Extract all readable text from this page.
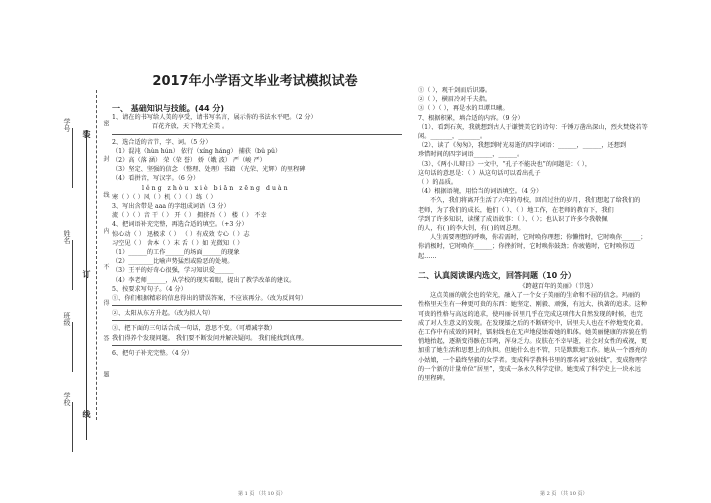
学号
姓名
班级
学校
装
订
线
密 封 线 内 不 得 答 题
2017年小学语文毕业考试模拟试卷
一、 基础知识与技能。(44 分)
1、请在的书写给人美的享受，请书写名言，展示你的书法水平吧。（2 分）
百花齐放，天下物无全美 。
2、选合适的音节，字、词。（5 分）
（1）混沌（hùn hún） 依行（xíng háng） 捕获（bǔ pǔ）
（2）高（落 涵） 荣（荣 誉） 娇（娥 波） 严（峻 严）
（3）坚定、坚强的信念 （整理、处理）书籍 （光荣、光辉）的里程碑
（4）看拼音，写汉字。（6 分）
lěng zhòu xiè biān zēng duàn
寒（ ）（ ）风（ ）机（ ）（ ）练（ ）
3、写出含带是 aaa 的字组成词语（3 分）
流（ ）（ ）音 干（ ） 开（ ） 拥挤吾（ ） 楼（ ） 不幸
4、把词语补充完整，再选合适的填空。（+3 分）
惊心动（ ） 迅极求（ ） （ ）有成效 专心（ ）志
习空见（ ） 舍本（ ）末 舌（ ）如 光微知（ ）
（1）______的工作______的场面______的现象
（2）________比喻声势猛烈或险恶的处境。
（3）王平的好奇心很强，学习知识爱______
（4）李老师______，从学校的现实着眼，提出了教学改革的建议。
5、按要求写句子。（4 分）
①、你们根据精彩的信息得出的错误答案，不应该再分。（改为反问句）
②、太阳从东方升起。（改为拟人句）
③、把下面的三句话合成一句话，意思不变。（可增减字数）
我们得养个发现问题。 我们要不断发问并解决疑问。 我们能找到真理。
6、把句子补充完整。（4 分）
①（ ），观千剑而后识器。
②（ ），横眉冷对千夫指。
③（ ）（ ），再是水的旦谭旦曦。
7、根据积累，填合适的内容。（9 分）
（1）、看到石灰，我就想到古人于谦赞美它的诗句：千锤万凿出深山，烈火焚烧若等
闲。_______，_______。
（2）、读了《匆匆》，我想到时光易逝的四字词语：______，______，还想到
珍惜时间的四字词语______，______。
（3）、《两小儿辩日》一文中，“孔子不能决也”的问题是：（ ），
这句话的意思是：（ ）从这句话可以看出孔子
（ ）的品质。
（4）根据语境，用恰当的词语填空。（4 分）
不久，我们将离开生活了六年的母校，回首过往的岁月，我们想起了给我们的
老师，为了我们的成长，他们（ ）、（ ）地工作，在老师的教育下，我们
学到了许多知识，读懂了成语故事：（ ）、（ ）；也认识了许多令我敬佩
的人，有( )的李大钊，有( )的周总理。
人生需要理想的呼唤，你若需时，它时唤你理想；你懒惰时，它时唤你______；
你消极时，它时唤你______；你挫折时，它时唤你鼓劲；你疲倦时，它时唤你迈
起……
二、认真阅读课内选文，回答问题（10 分）
《跨越百年的美丽》（节选）
这点美丽的就会也的荣光，融入了一个女子美丽的生命和不屈的信念。玛丽的
性格里天生有一种更可贵的东西：她坚定、刚毅、顽强，有远大、执著的追求。这种
可贵的性格与高远的追求，使玛丽·居里几乎在完成这项伟大自然发现的时候，也完
成了对人生意义的发现。在发现镭之后的不断研究中，居里夫人也在不停地变化着。
在工作中有成效的同时，镭射线也在无声地侵蚀着她的肌体。她美丽健康的容貌在悄
悄地抬起，逐渐变得骸在耳鸣，浑身乏力。皮肤在不幸早逝，社会对女性的戒视，更
加重了她生活和思想上的负担。但她什么也不管，只是默默地工作。她从一个漂亮的
小姑娘，一个最终坚毅的女学者。变成科学教科书里的那名词“放射线”，变成物理学
的一个新的计量单位“居里”，变成一条永久科学定律。她变成了科学史上一块永远
的里程碑。
第 1 页 （共 10 页）	第 2 页 （共 10 页）
